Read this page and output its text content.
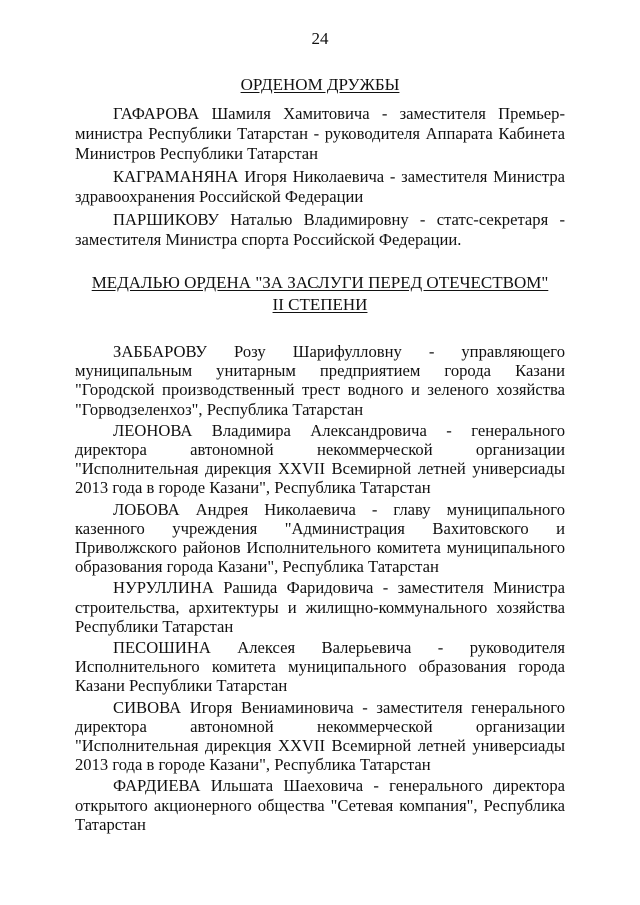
24
ОРДЕНОМ ДРУЖБЫ

ГАФАРОВА Шамиля Хамитовича - заместителя Премьер-министра Республики Татарстан - руководителя Аппарата Кабинета Министров Республики Татарстан

КАГРАМАНЯНА Игоря Николаевича - заместителя Министра здравоохранения Российской Федерации

ПАРШИКОВУ Наталью Владимировну - статс-секретаря - заместителя Министра спорта Российской Федерации.

МЕДАЛЬЮ ОРДЕНА "ЗА ЗАСЛУГИ ПЕРЕД ОТЕЧЕСТВОМ"
II СТЕПЕНИ

ЗАББАРОВУ Розу Шарифулловну - управляющего муниципальным унитарным предприятием города Казани "Городской производственный трест водного и зеленого хозяйства "Горводзеленхоз", Республика Татарстан

ЛЕОНОВА Владимира Александровича - генерального директора автономной некоммерческой организации "Исполнительная дирекция XXVII Всемирной летней универсиады 2013 года в городе Казани", Республика Татарстан

ЛОБОВА Андрея Николаевича - главу муниципального казенного учреждения "Администрация Вахитовского и Приволжского районов Исполнительного комитета муниципального образования города Казани", Республика Татарстан

НУРУЛЛИНА Рашида Фаридовича - заместителя Министра строительства, архитектуры и жилищно-коммунального хозяйства Республики Татарстан

ПЕСОШИНА Алексея Валерьевича - руководителя Исполнительного комитета муниципального образования города Казани Республики Татарстан

СИВОВА Игоря Вениаминовича - заместителя генерального директора автономной некоммерческой организации "Исполнительная дирекция XXVII Всемирной летней универсиады 2013 года в городе Казани", Республика Татарстан

ФАРДИЕВА Ильшата Шаеховича - генерального директора открытого акционерного общества "Сетевая компания", Республика Татарстан
